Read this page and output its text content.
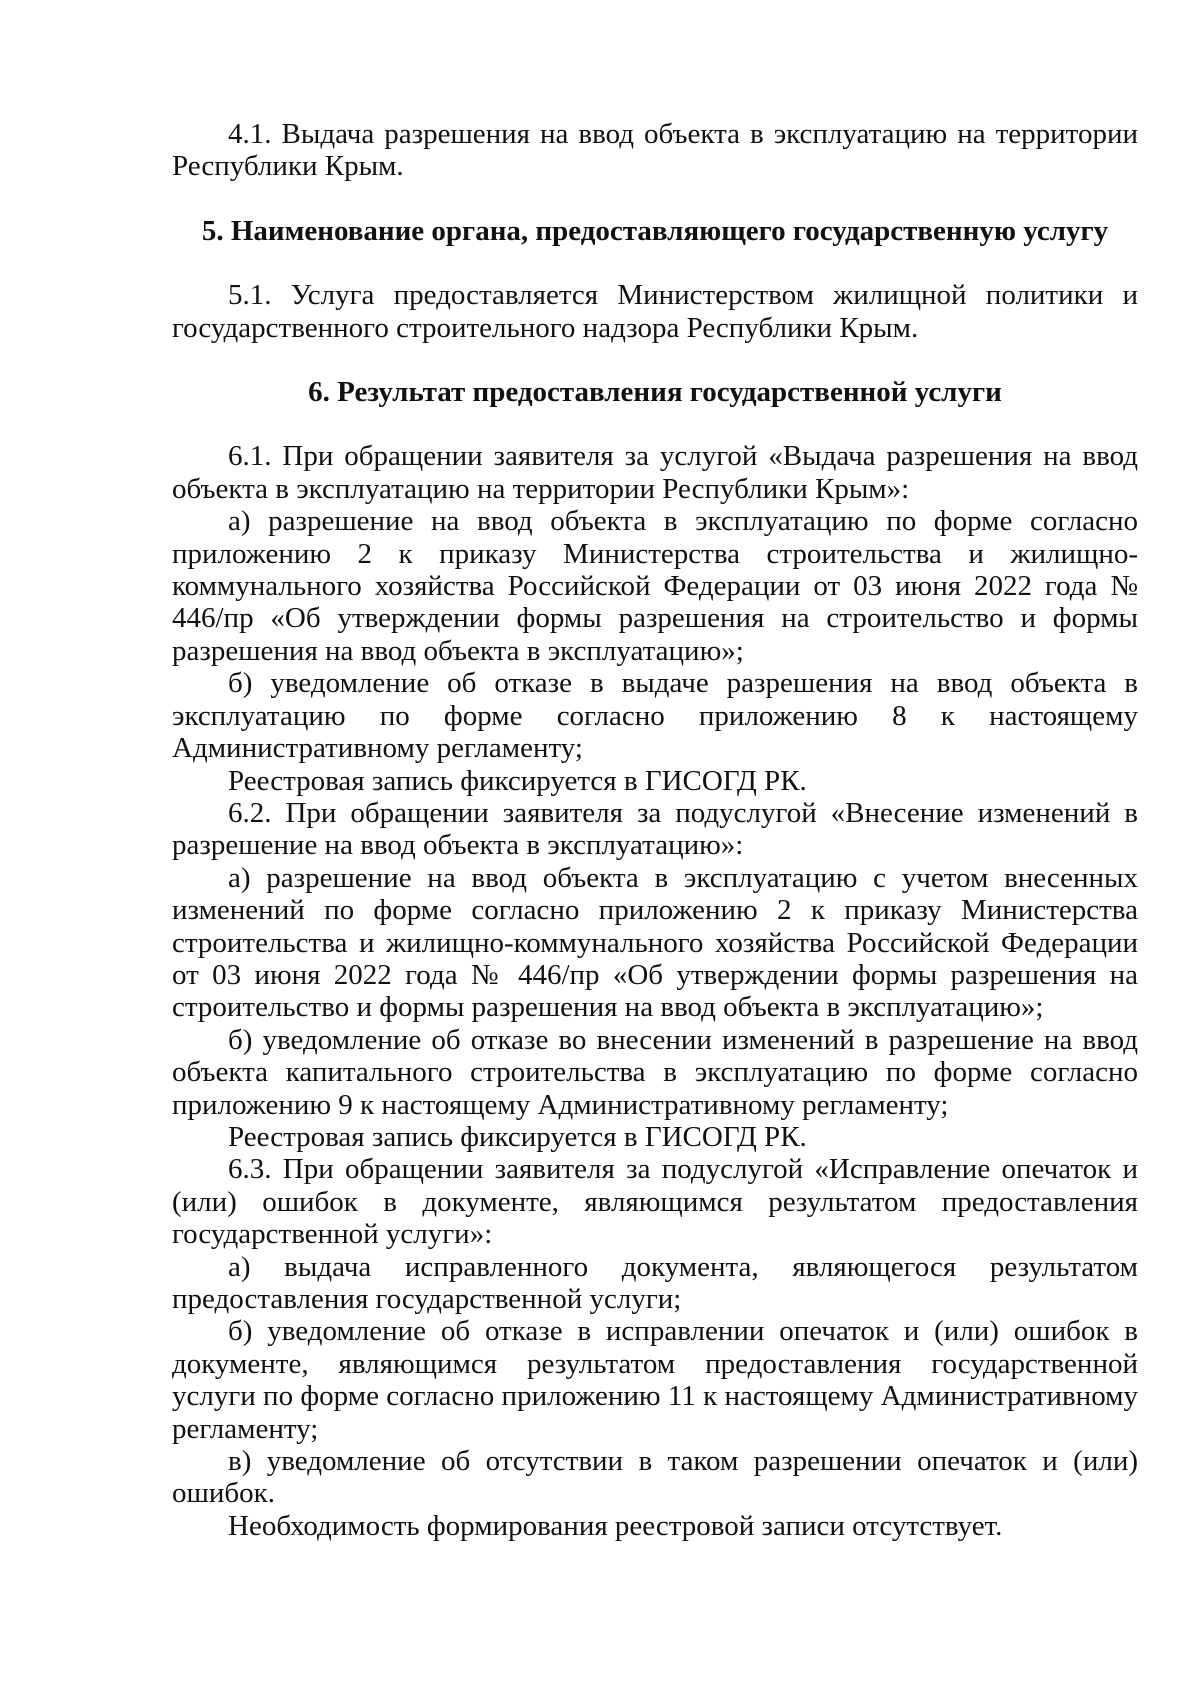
4.1. Выдача разрешения на ввод объекта в эксплуатацию на территории Республики Крым.

5. Наименование органа, предоставляющего государственную услугу

5.1. Услуга предоставляется Министерством жилищной политики и государственного строительного надзора Республики Крым.

6. Результат предоставления государственной услуги

6.1. При обращении заявителя за услугой «Выдача разрешения на ввод объекта в эксплуатацию на территории Республики Крым»:

а) разрешение на ввод объекта в эксплуатацию по форме согласно приложению 2 к приказу Министерства строительства и жилищно-коммунального хозяйства Российской Федерации от 03 июня 2022 года № 446/пр «Об утверждении формы разрешения на строительство и формы разрешения на ввод объекта в эксплуатацию»;

б) уведомление об отказе в выдаче разрешения на ввод объекта в эксплуатацию по форме согласно приложению 8 к настоящему Административному регламенту;

Реестровая запись фиксируется в ГИСОГД РК.

6.2. При обращении заявителя за подуслугой «Внесение изменений в разрешение на ввод объекта в эксплуатацию»:

а) разрешение на ввод объекта в эксплуатацию с учетом внесенных изменений по форме согласно приложению 2 к приказу Министерства строительства и жилищно-коммунального хозяйства Российской Федерации от 03 июня 2022 года № 446/пр «Об утверждении формы разрешения на строительство и формы разрешения на ввод объекта в эксплуатацию»;

б) уведомление об отказе во внесении изменений в разрешение на ввод объекта капитального строительства в эксплуатацию по форме согласно приложению 9 к настоящему Административному регламенту;

Реестровая запись фиксируется в ГИСОГД РК.

6.3. При обращении заявителя за подуслугой «Исправление опечаток и (или) ошибок в документе, являющимся результатом предоставления государственной услуги»:

а) выдача исправленного документа, являющегося результатом предоставления государственной услуги;

б) уведомление об отказе в исправлении опечаток и (или) ошибок в документе, являющимся результатом предоставления государственной услуги по форме согласно приложению 11 к настоящему Административному регламенту;

в) уведомление об отсутствии в таком разрешении опечаток и (или) ошибок.

Необходимость формирования реестровой записи отсутствует.
